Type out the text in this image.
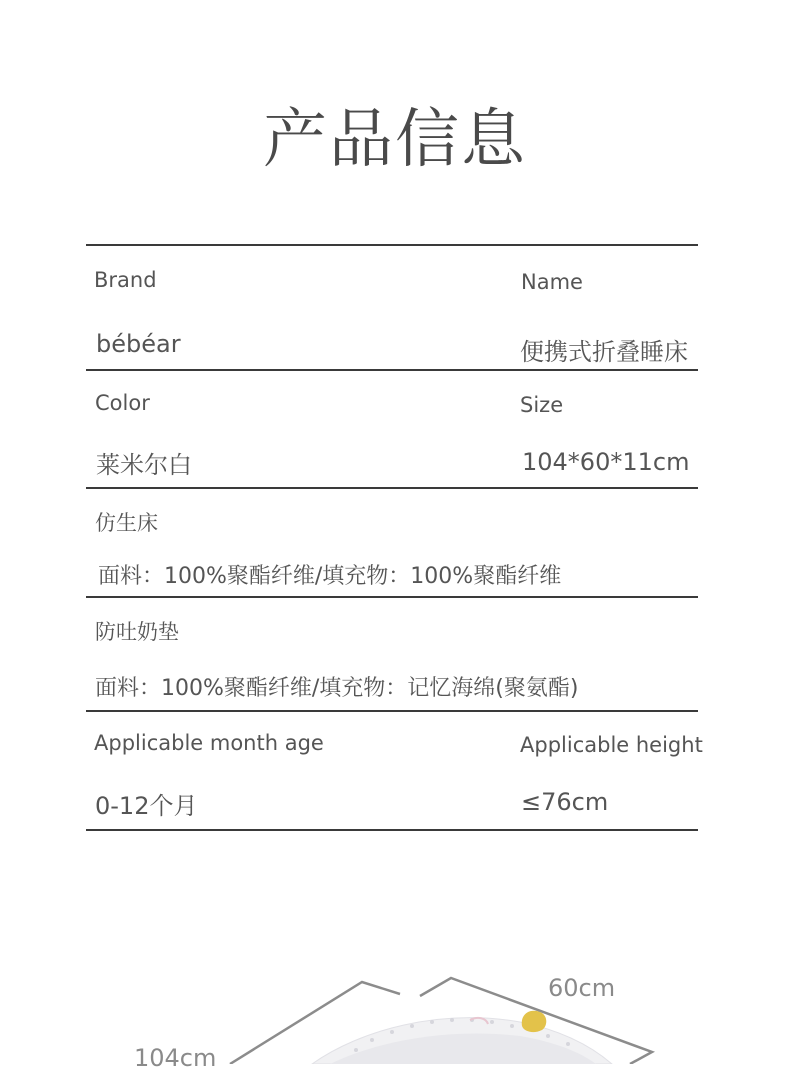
产品信息
Brand	Name
bébéar	便携式折叠睡床
Color	Size
莱米尔白	104*60*11cm
仿生床
面料：100%聚酯纤维/填充物：100%聚酯纤维
防吐奶垫
面料：100%聚酯纤维/填充物：记忆海绵(聚氨酯)
Applicable month age	Applicable height
0-12个月	≤76cm
60cm
104cm
